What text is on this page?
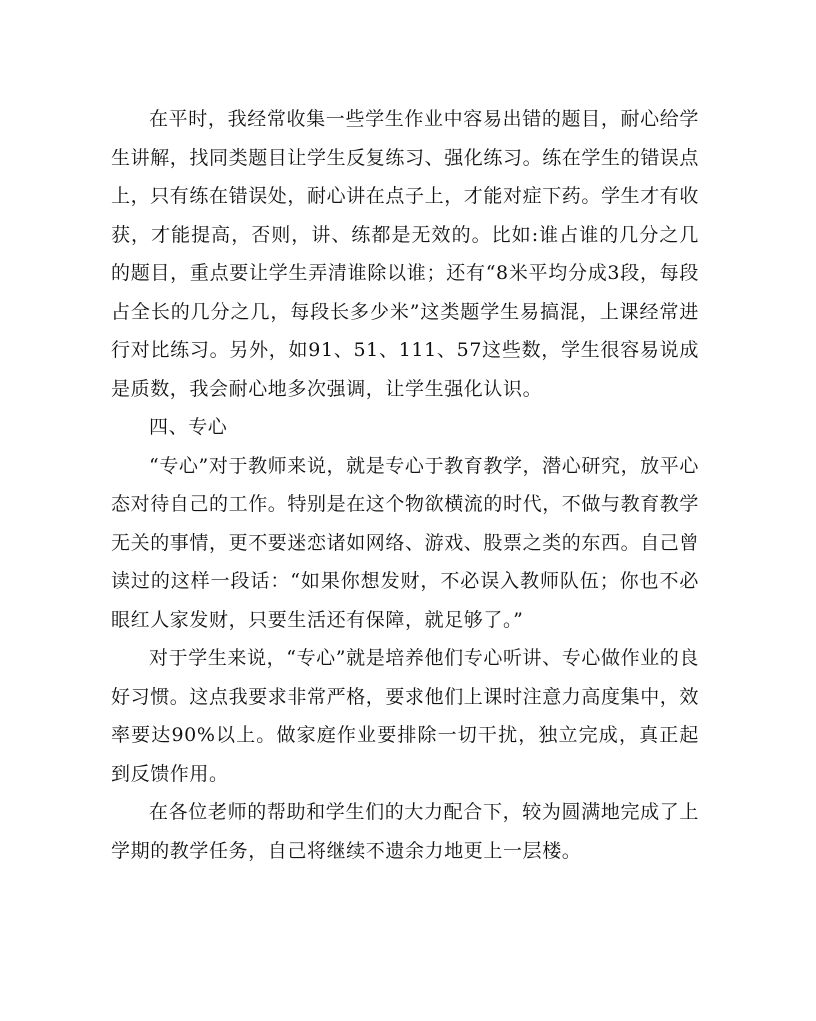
在平时，我经常收集一些学生作业中容易出错的题目，耐心给学生讲解，找同类题目让学生反复练习、强化练习。练在学生的错误点上，只有练在错误处，耐心讲在点子上，才能对症下药。学生才有收获，才能提高，否则，讲、练都是无效的。比如:谁占谁的几分之几的题目，重点要让学生弄清谁除以谁；还有“8米平均分成3段，每段占全长的几分之几，每段长多少米”这类题学生易搞混，上课经常进行对比练习。另外，如91、51、111、57这些数，学生很容易说成是质数，我会耐心地多次强调，让学生强化认识。

四、专心

“专心”对于教师来说，就是专心于教育教学，潜心研究，放平心态对待自己的工作。特别是在这个物欲横流的时代，不做与教育教学无关的事情，更不要迷恋诸如网络、游戏、股票之类的东西。自己曾读过的这样一段话：“如果你想发财，不必误入教师队伍；你也不必眼红人家发财，只要生活还有保障，就足够了。”

对于学生来说，“专心”就是培养他们专心听讲、专心做作业的良好习惯。这点我要求非常严格，要求他们上课时注意力高度集中，效率要达90%以上。做家庭作业要排除一切干扰，独立完成，真正起到反馈作用。

在各位老师的帮助和学生们的大力配合下，较为圆满地完成了上学期的教学任务，自己将继续不遗余力地更上一层楼。
